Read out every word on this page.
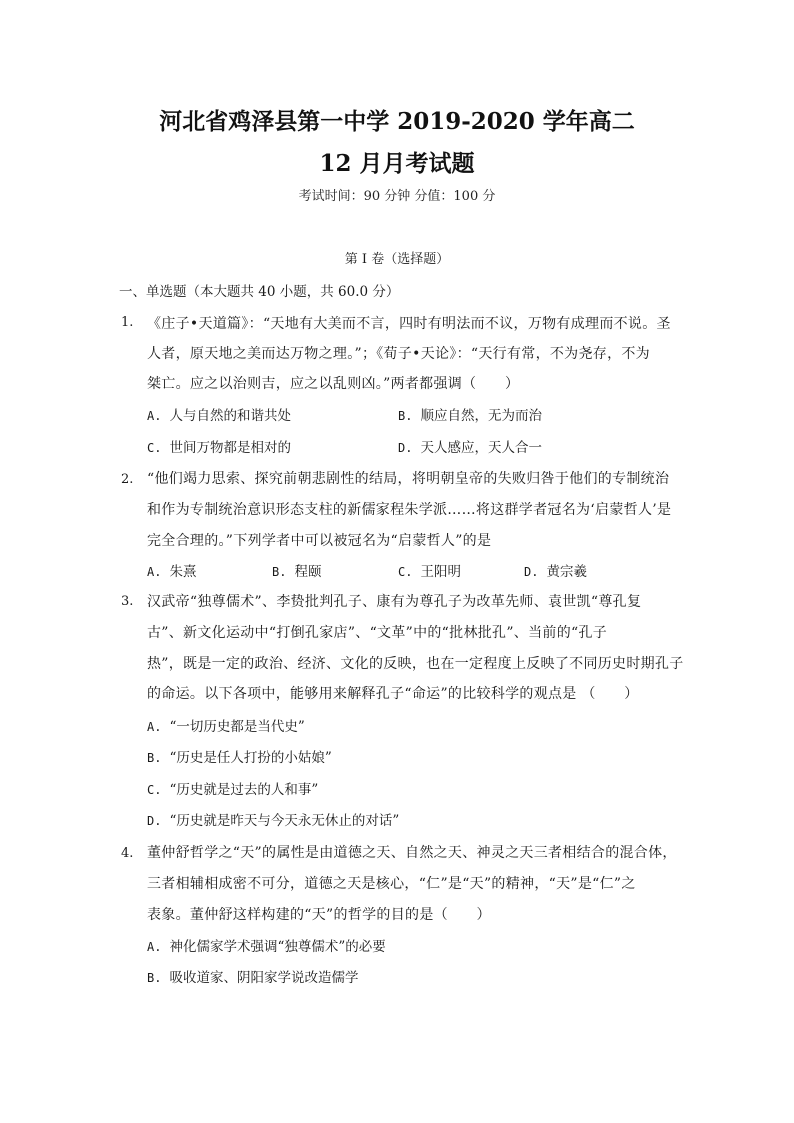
河北省鸡泽县第一中学 2019-2020 学年高二
12 月月考试题
考试时间：90 分钟 分值：100 分
第 I 卷（选择题）
一、单选题（本大题共 40 小题，共 60.0 分）
1. 《庄子•天道篇》：“天地有大美而不言，四时有明法而不议，万物有成理而不说。圣
人者，原天地之美而达万物之理。”；《荀子•天论》：“天行有常，不为尧存，不为
桀亡。应之以治则吉，应之以乱则凶。”两者都强调（　　）
A. 人与自然的和谐共处	B. 顺应自然，无为而治
C. 世间万物都是相对的	D. 天人感应，天人合一
2. “他们竭力思索、探究前朝悲剧性的结局，将明朝皇帝的失败归咎于他们的专制统治
和作为专制统治意识形态支柱的新儒家程朱学派……将这群学者冠名为‘启蒙哲人’是
完全合理的。”下列学者中可以被冠名为“启蒙哲人”的是
A. 朱熹	B. 程颐	C. 王阳明	D. 黄宗羲
3. 汉武帝“独尊儒术”、李贽批判孔子、康有为尊孔子为改革先师、袁世凯“尊孔复
古”、新文化运动中“打倒孔家店”、“文革”中的“批林批孔”、当前的“孔子
热”，既是一定的政治、经济、文化的反映，也在一定程度上反映了不同历史时期孔子
的命运。以下各项中，能够用来解释孔子“命运”的比较科学的观点是 （　　）
A. “一切历史都是当代史”
B. “历史是任人打扮的小姑娘”
C. “历史就是过去的人和事”
D. “历史就是昨天与今天永无休止的对话”
4. 董仲舒哲学之“天”的属性是由道德之天、自然之天、神灵之天三者相结合的混合体，
三者相辅相成密不可分，道德之天是核心，“仁”是“天”的精神，“天”是“仁”之
表象。董仲舒这样构建的“天”的哲学的目的是（　　）
A. 神化儒家学术强调“独尊儒术”的必要
B. 吸收道家、阴阳家学说改造儒学
